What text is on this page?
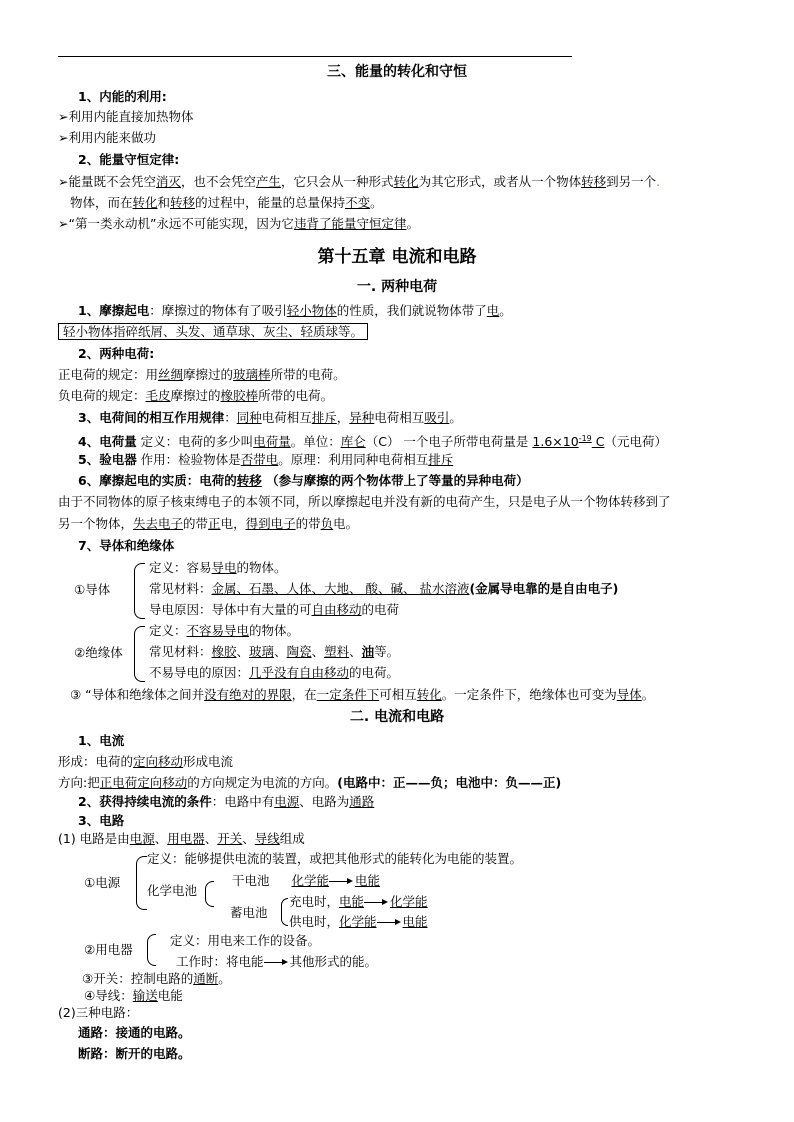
三、能量的转化和守恒
1、内能的利用:
➢利用内能直接加热物体
➢利用内能来做功
2、能量守恒定律:
➢能量既不会凭空消灭，也不会凭空产生，它只会从一种形式转化为其它形式，或者从一个物体转移到另一个.
物体，而在转化和转移的过程中，能量的总量保持不变。
➢“第一类永动机”永远不可能实现，因为它违背了能量守恒定律。
第十五章 电流和电路
一. 两种电荷
1、摩擦起电：摩擦过的物体有了吸引轻小物体的性质，我们就说物体带了电。
轻小物体指碎纸屑、头发、通草球、灰尘、轻质球等。
2、两种电荷:
正电荷的规定：用丝绸摩擦过的玻璃棒所带的电荷。
负电荷的规定：毛皮摩擦过的橡胶棒所带的电荷。
3、电荷间的相互作用规律：同种电荷相互排斥，异种电荷相互吸引。
4、电荷量 定义：电荷的多少叫电荷量。单位：库仑（C） 一个电子所带电荷量是 $1.6\times 10^{-19}$ C（元电荷）
5、验电器 作用：检验物体是否带电。原理：利用同种电荷相互排斥
6、摩擦起电的实质：电荷的转移 （参与摩擦的两个物体带上了等量的异种电荷）
由于不同物体的原子核束缚电子的本领不同，所以摩擦起电并没有新的电荷产生，只是电子从一个物体转移到了
另一个物体，失去电子的带正电，得到电子的带负电。
7、导体和绝缘体
①导体
定义：容易导电的物体。
常见材料：金属、石墨、人体、大地、 酸、碱、 盐水溶液(金属导电靠的是自由电子)
导电原因：导体中有大量的可自由移动的电荷
②绝缘体
定义：不容易导电的物体。
常见材料：橡胶、玻璃、陶瓷、塑料、油等。
不易导电的原因：几乎没有自由移动的电荷。
③ “导体和绝缘体之间并没有绝对的界限，在一定条件下可相互转化。一定条件下，绝缘体也可变为导体。
二. 电流和电路
1、电流
形成：电荷的定向移动形成电流
方向:把正电荷定向移动的方向规定为电流的方向。(电路中：正——负；电池中：负——正)
2、获得持续电流的条件：电路中有电源、电路为通路
3、电路
(1) 电路是由电源、用电器、开关、导线组成
①电源
定义：能够提供电流的装置，或把其他形式的能转化为电能的装置。
化学电池
干电池 化学能 电能
蓄电池
充电时，电能 化学能
供电时，化学能 电能
②用电器
定义：用电来工作的设备。
工作时：将电能 其他形式的能。
③开关：控制电路的通断。
④导线：输送电能
(2)三种电路：
通路：接通的电路。
断路：断开的电路。
